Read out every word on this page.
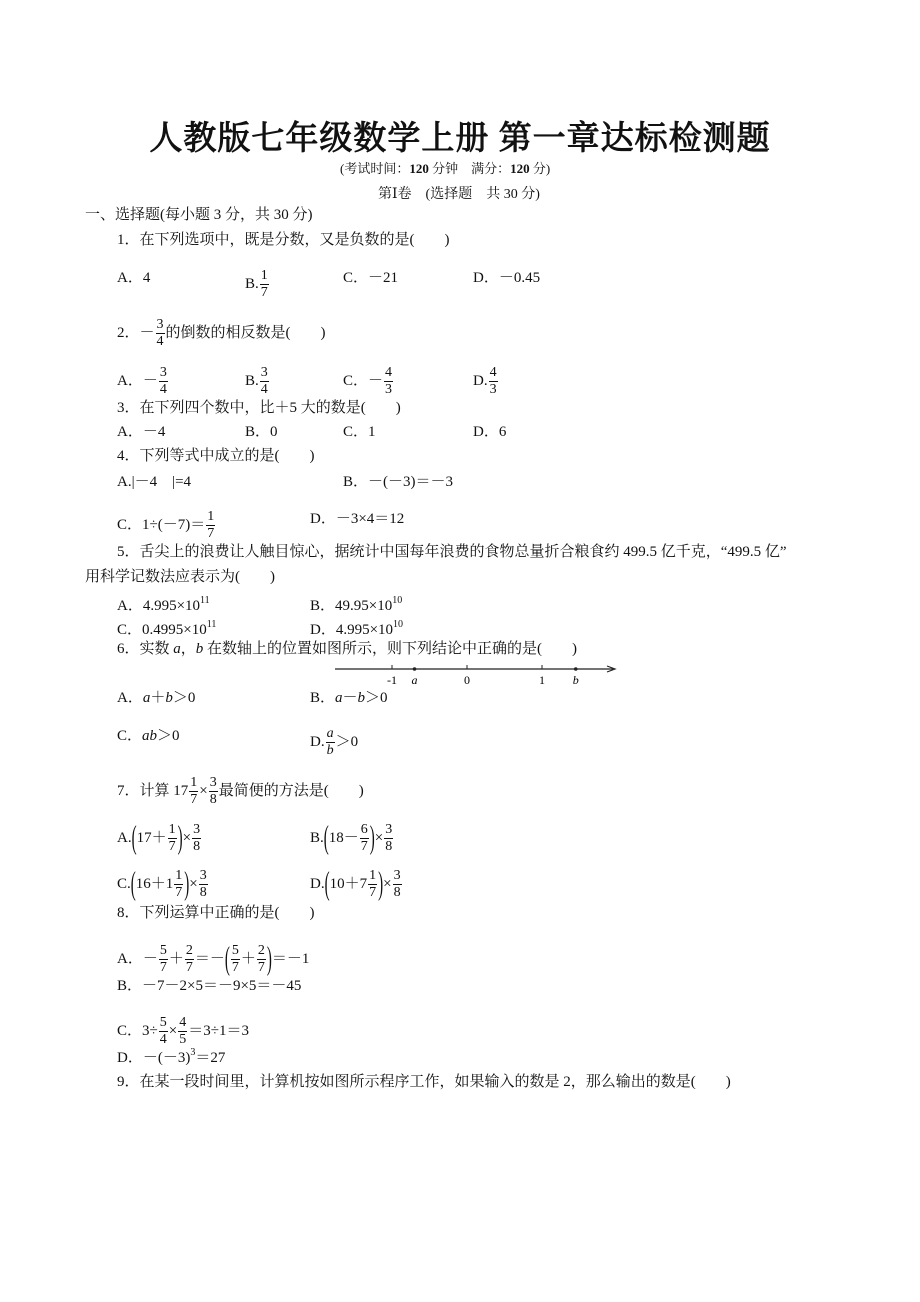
人教版七年级数学上册 第一章达标检测题
(考试时间：120 分钟　满分：120 分)
第Ⅰ卷　(选择题　共 30 分)
一、选择题(每小题 3 分，共 30 分)
1．在下列选项中，既是分数，又是负数的是(　　)
A．4	B. $\frac{1}{7}$	C．－21	D．－0.45
2．－ $\frac{3}{4}$ 的倒数的相反数是(　　)
A．－ $\frac{3}{4}$	B. $\frac{3}{4}$	C．－ $\frac{4}{3}$	D. $\frac{4}{3}$
3．在下列四个数中，比＋5 大的数是(　　)
A．－4	B．0	C．1	D．6
4．下列等式中成立的是(　　)
A.|－4　|=4	B．－(－3)＝－3
C．$1\div(-7)= \frac{1}{7}$	D．－3×4＝12
5．舌尖上的浪费让人触目惊心，据统计中国每年浪费的食物总量折合粮食约 499.5 亿千克，“499.5 亿”
用科学记数法应表示为(　　)
A．$4.995\times 10^{11}$	B．$49.95\times 10^{10}$
C．$0.4995\times 10^{11}$	D．$4.995\times 10^{10}$
6．实数 a，b 在数轴上的位置如图所示，则下列结论中正确的是(　　)
-1 a	0	1 b
A．a＋b＞0	B．a－b＞0
C．ab＞0	D. $\frac{a}{b} >0$
7．计算 $17 \frac{1}{7} \times \frac{3}{8}$ 最简便的方法是(　　)
$A.(17+ \frac{1}{7}$ )× $\frac{3}{8}$	$B.(18- \frac{6}{7}$ )× $\frac{3}{8}$
$C.(16+1 \frac{1}{7}$ )× $\frac{3}{8}$	$D.(10+7 \frac{1}{7}$ )× $\frac{3}{8}$
8．下列运算中正确的是(　　)
A．－ $\frac{5}{7} + \frac{2}{7}$ ＝－( $\frac{5}{7} + \frac{2}{7} )=-1$
B．－7－2×5＝－9×5＝－45
C．$3\div \frac{5}{4} \times \frac{4}{5} =3\div 1=3$
D．$-(-3)^3=27$
9．在某一段时间里，计算机按如图所示程序工作，如果输入的数是 2，那么输出的数是(　　)
